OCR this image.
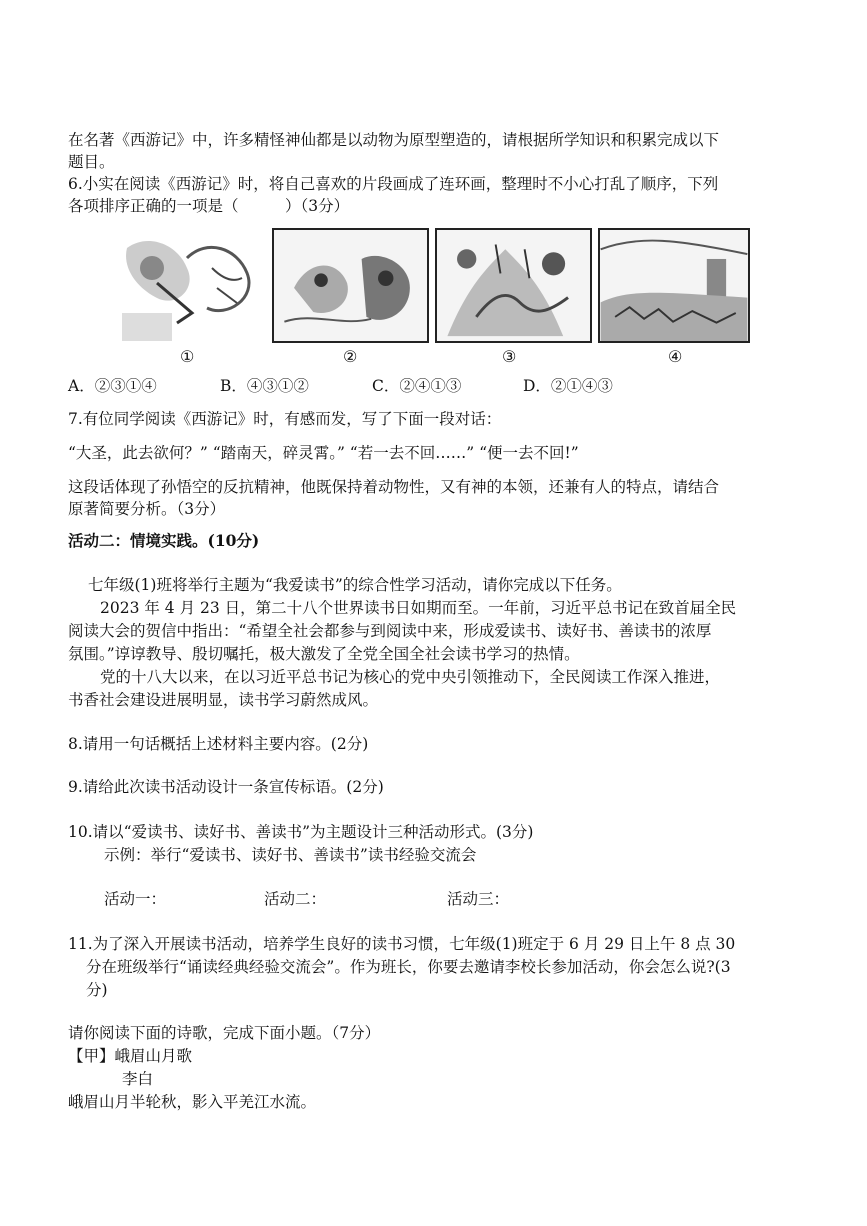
在名著《西游记》中，许多精怪神仙都是以动物为原型塑造的，请根据所学知识和积累完成以下
题目。
6.小实在阅读《西游记》时，将自己喜欢的片段画成了连环画，整理时不小心打乱了顺序，下列
各项排序正确的一项是（　　　）（3分）
①	②	③	④
A．②③①④	B．④③①②	C．②④①③	D．②①④③
7.有位同学阅读《西游记》时，有感而发，写了下面一段对话：
“大圣，此去欲何？” “踏南天，碎灵霄。” “若一去不回……” “便一去不回!”
这段话体现了孙悟空的反抗精神，他既保持着动物性，又有神的本领，还兼有人的特点，请结合
原著简要分析。（3分）
活动二：情境实践。(10分)
七年级(1)班将举行主题为“我爱读书”的综合性学习活动，请你完成以下任务。
2023 年 4 月 23 日，第二十八个世界读书日如期而至。一年前，习近平总书记在致首届全民
阅读大会的贺信中指出：“希望全社会都参与到阅读中来，形成爱读书、读好书、善读书的浓厚
氛围。”谆谆教导、殷切嘱托，极大激发了全党全国全社会读书学习的热情。
党的十八大以来，在以习近平总书记为核心的党中央引领推动下，全民阅读工作深入推进，
书香社会建设进展明显，读书学习蔚然成风。
8.请用一句话概括上述材料主要内容。(2分)
9.请给此次读书活动设计一条宣传标语。(2分)
10.请以“爱读书、读好书、善读书”为主题设计三种活动形式。(3分)
示例：举行“爱读书、读好书、善读书”读书经验交流会
活动一：	活动二：	活动三：
11.为了深入开展读书活动，培养学生良好的读书习惯，七年级(1)班定于 6 月 29 日上午 8 点 30
分在班级举行“诵读经典经验交流会”。作为班长，你要去邀请李校长参加活动，你会怎么说?(3
分)
请你阅读下面的诗歌，完成下面小题。（7分）
【甲】峨眉山月歌
李白
峨眉山月半轮秋，影入平羌江水流。
